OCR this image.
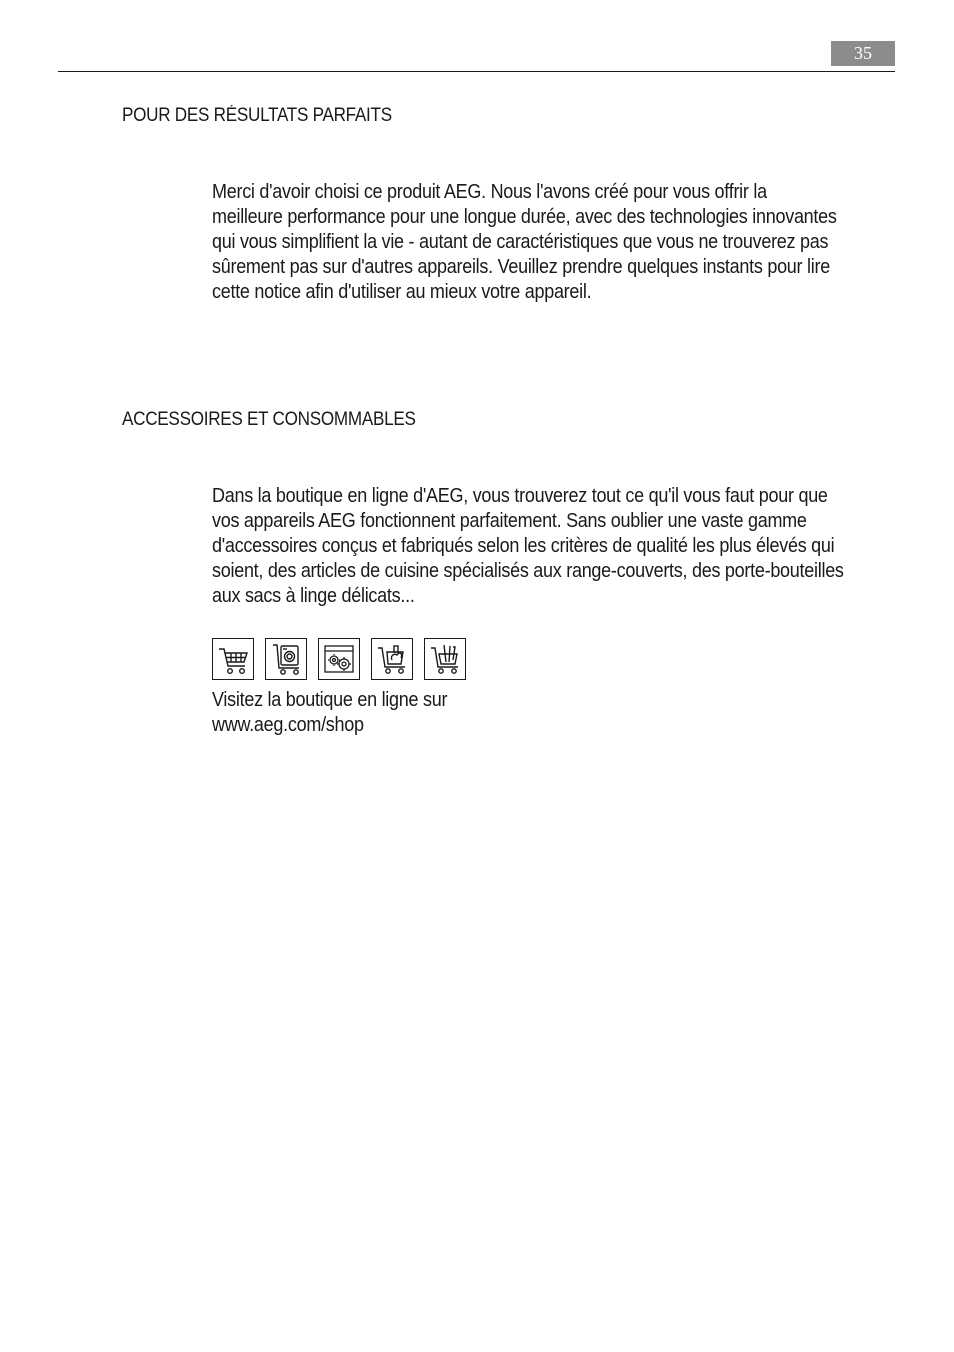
35
POUR DES RÉSULTATS PARFAITS
Merci d'avoir choisi ce produit AEG. Nous l'avons créé pour vous offrir la
meilleure performance pour une longue durée, avec des technologies innovantes
qui vous simplifient la vie - autant de caractéristiques que vous ne trouverez pas
sûrement pas sur d'autres appareils. Veuillez prendre quelques instants pour lire
cette notice afin d'utiliser au mieux votre appareil.
ACCESSOIRES ET CONSOMMABLES
Dans la boutique en ligne d'AEG, vous trouverez tout ce qu'il vous faut pour que
vos appareils AEG fonctionnent parfaitement. Sans oublier une vaste gamme
d'accessoires conçus et fabriqués selon les critères de qualité les plus élevés qui
soient, des articles de cuisine spécialisés aux range-couverts, des porte-bouteilles
aux sacs à linge délicats...
Visitez la boutique en ligne sur
www.aeg.com/shop
